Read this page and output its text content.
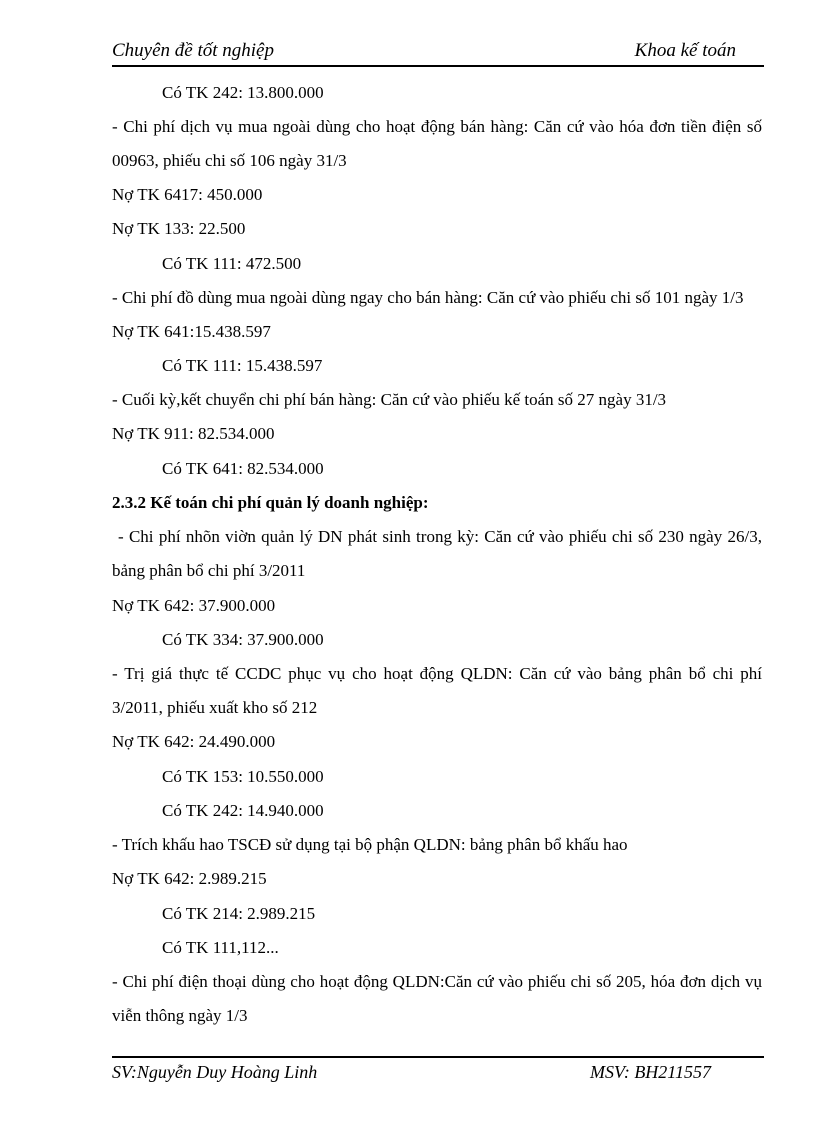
Chuyên đề tốt nghiệp	Khoa kế toán
Có TK 242: 13.800.000
- Chi phí dịch vụ mua ngoài dùng cho hoạt động bán hàng: Căn cứ vào hóa đơn tiền điện số
00963, phiếu chi số 106 ngày 31/3
Nợ TK 6417: 450.000
Nợ TK 133: 22.500
Có TK 111: 472.500
- Chi phí đồ dùng mua ngoài dùng ngay cho bán hàng: Căn cứ vào phiếu chi số 101 ngày 1/3
Nợ TK 641:15.438.597
Có TK 111: 15.438.597
- Cuối kỳ,kết chuyển chi phí bán hàng: Căn cứ vào phiếu kế toán số 27 ngày 31/3
Nợ TK 911: 82.534.000
Có TK 641: 82.534.000
2.3.2 Kế toán chi phí quản lý doanh nghiệp:
- Chi phí nhõn viờn quản lý DN phát sinh trong kỳ: Căn cứ vào phiếu chi số 230 ngày 26/3,
bảng phân bổ chi phí 3/2011
Nợ TK 642: 37.900.000
Có TK 334: 37.900.000
- Trị giá thực tế CCDC phục vụ cho hoạt động QLDN: Căn cứ vào bảng phân bổ chi phí
3/2011, phiếu xuất kho số 212
Nợ TK 642: 24.490.000
Có TK 153: 10.550.000
Có TK 242: 14.940.000
- Trích khấu hao TSCĐ sử dụng tại bộ phận QLDN: bảng phân bổ khấu hao
Nợ TK 642: 2.989.215
Có TK 214: 2.989.215
Có TK 111,112...
- Chi phí điện thoại dùng cho hoạt động QLDN:Căn cứ vào phiếu chi số 205, hóa đơn dịch vụ
viễn thông ngày 1/3
SV:Nguyễn Duy Hoàng Linh	MSV: BH211557
